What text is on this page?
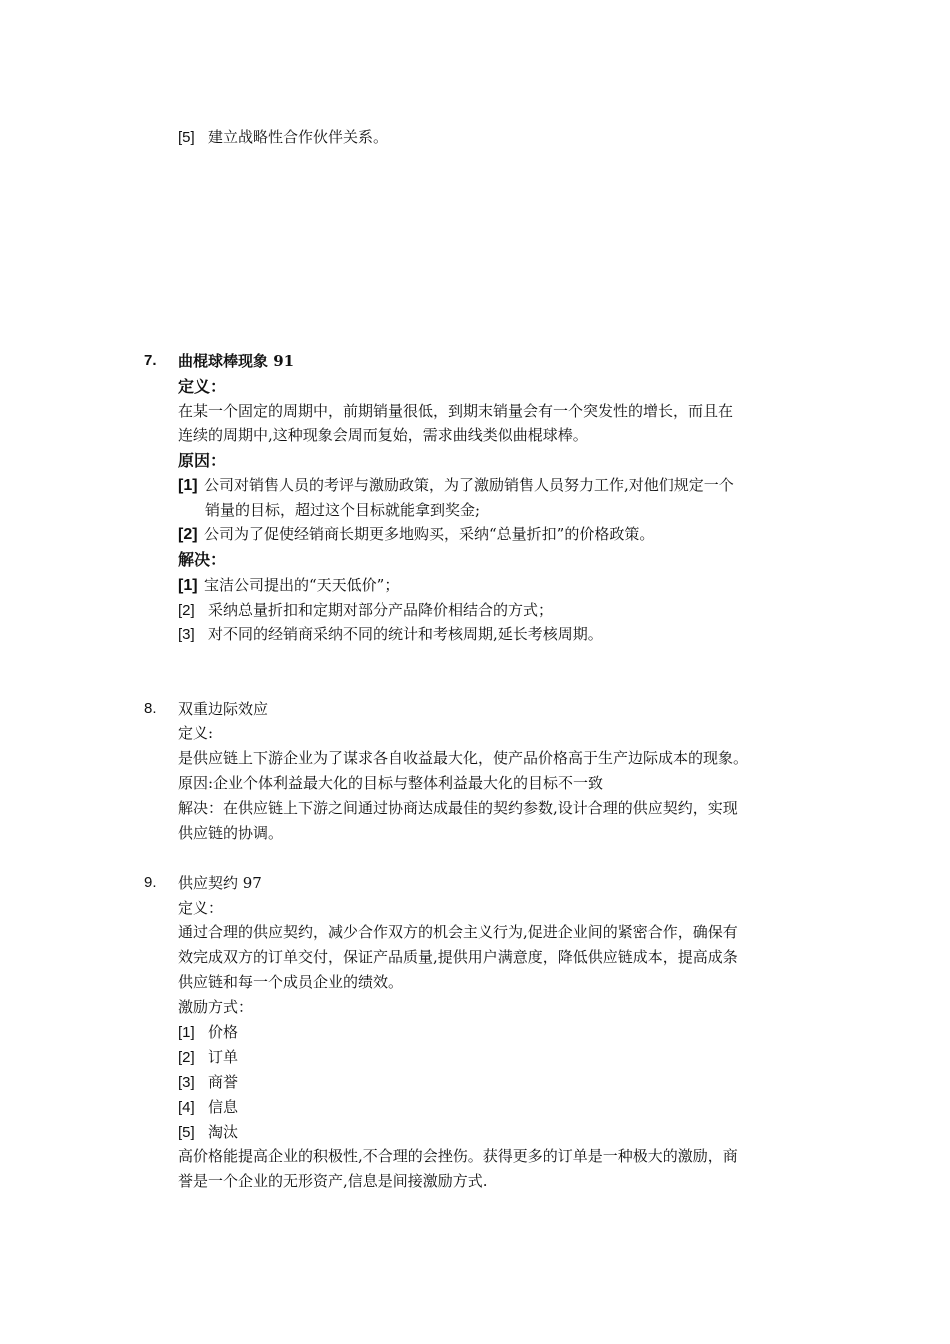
[5] 建立战略性合作伙伴关系。
7. 曲棍球棒现象 91
定义：
在某一个固定的周期中，前期销量很低，到期末销量会有一个突发性的增长，而且在
连续的周期中,这种现象会周而复始，需求曲线类似曲棍球棒。
原因：
[1] 公司对销售人员的考评与激励政策，为了激励销售人员努力工作,对他们规定一个
销量的目标，超过这个目标就能拿到奖金;
[2] 公司为了促使经销商长期更多地购买，采纳“总量折扣”的价格政策。
解决：
[1] 宝洁公司提出的“天天低价”；
[2] 采纳总量折扣和定期对部分产品降价相结合的方式；
[3] 对不同的经销商采纳不同的统计和考核周期,延长考核周期。
8. 双重边际效应
定义:
是供应链上下游企业为了谋求各自收益最大化，使产品价格高于生产边际成本的现象。
原因:企业个体利益最大化的目标与整体利益最大化的目标不一致
解决：在供应链上下游之间通过协商达成最佳的契约参数,设计合理的供应契约，实现
供应链的协调。
9. 供应契约 97
定义：
通过合理的供应契约，减少合作双方的机会主义行为,促进企业间的紧密合作，确保有
效完成双方的订单交付，保证产品质量,提供用户满意度，降低供应链成本，提高成条
供应链和每一个成员企业的绩效。
激励方式：
[1] 价格
[2] 订单
[3] 商誉
[4] 信息
[5] 淘汰
高价格能提高企业的积极性,不合理的会挫伤。获得更多的订单是一种极大的激励，商
誉是一个企业的无形资产,信息是间接激励方式.
